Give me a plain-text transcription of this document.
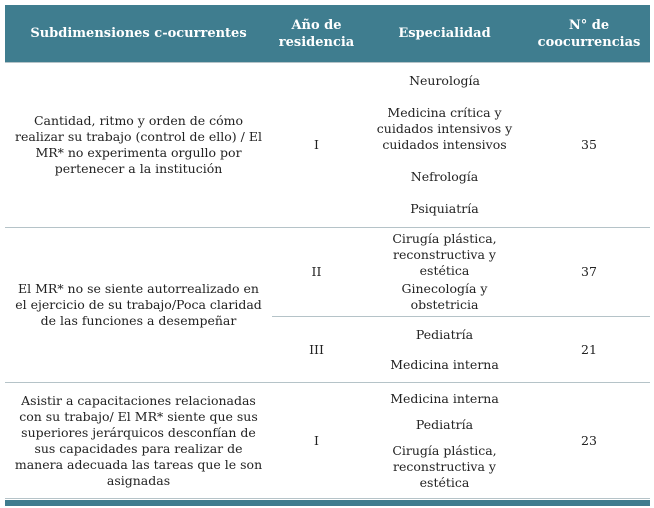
Subdimensiones c-ocurrentes	Año de residencia	Especialidad	N° de coocurrencias
Cantidad, ritmo y orden de cómo realizar su trabajo (control de ello) / El MR* no experimenta orgullo por pertenecer a la institución	I	Neurología

Medicina crítica y cuidados intensivos y cuidados intensivos

Nefrología

Psiquiatría	35
El MR* no se siente autorrealizado en el ejercicio de su trabajo/Poca claridad de las funciones a desempeñar	II	Cirugía plástica, reconstructiva y estética

Ginecología y obstetricia	37
	III	Pediatría

Medicina interna	21
Asistir a capacitaciones relacionadas con su trabajo/ El MR* siente que sus superiores jerárquicos desconfían de sus capacidades para realizar de manera adecuada las tareas que le son asignadas	I	Medicina interna

Pediatría

Cirugía plástica, reconstructiva y estética	23
